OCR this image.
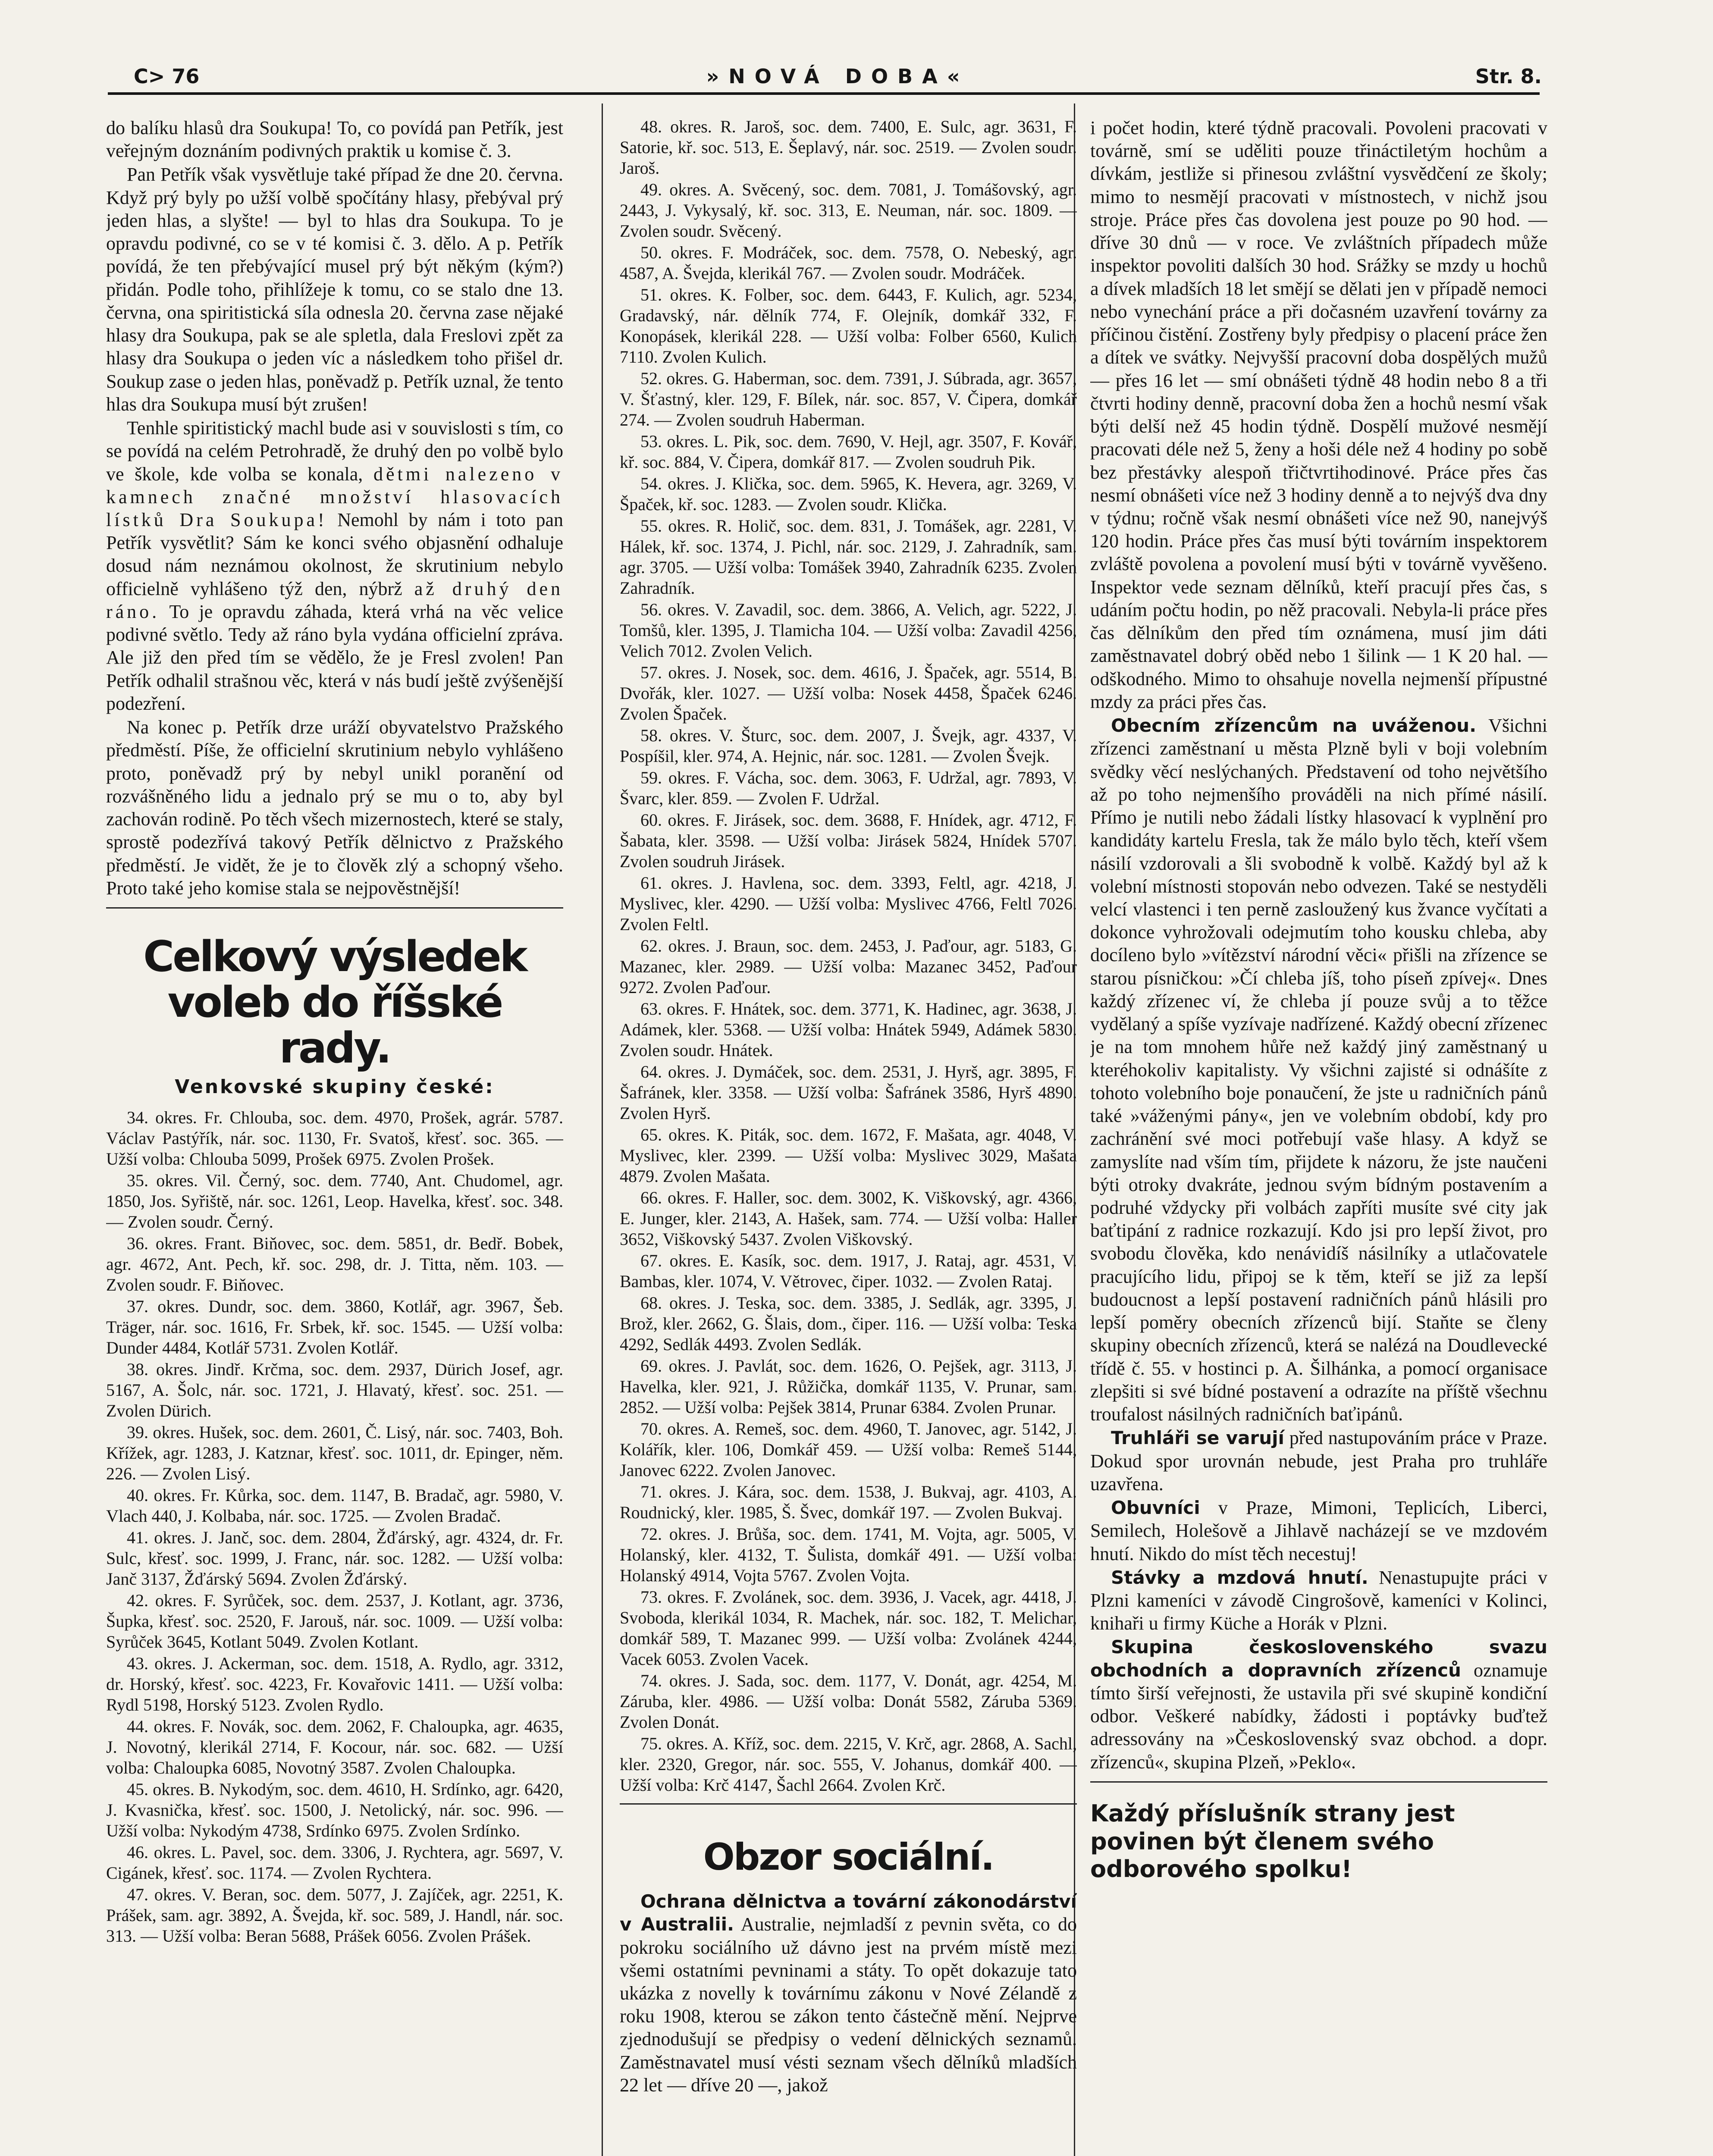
C> 76	»NOVÁ DOBA«	Str. 8.

do balíku hlasů dra Soukupa! To, co povídá pan Petřík, jest veřejným doznáním podivných praktik u komise č. 3.

Pan Petřík však vysvětluje také případ že dne 20. června. Když prý byly po užší volbě spočítány hlasy, přebýval prý jeden hlas, a slyšte! — byl to hlas dra Soukupa. To je opravdu podivné, co se v té komisi č. 3. dělo. A p. Petřík povídá, že ten přebývající musel prý být někým (kým?) přidán. Podle toho, přihlížeje k tomu, co se stalo dne 13. června, ona spiritistická síla odnesla 20. června zase nějaké hlasy dra Soukupa, pak se ale spletla, dala Freslovi zpět za hlasy dra Soukupa o jeden víc a následkem toho přišel dr. Soukup zase o jeden hlas, poněvadž p. Petřík uznal, že tento hlas dra Soukupa musí být zrušen!

Tenhle spiritistický machl bude asi v souvislosti s tím, co se povídá na celém Petrohradě, že druhý den po volbě bylo ve škole, kde volba se konala, dětmi nalezeno v kamnech značné množství hlasovacích lístků Dra Soukupa! Nemohl by nám i toto pan Petřík vysvětlit? Sám ke konci svého objasnění odhaluje dosud nám neznámou okolnost, že skrutinium nebylo officielně vyhlášeno týž den, nýbrž až druhý den ráno. To je opravdu záhada, která vrhá na věc velice podivné světlo. Tedy až ráno byla vydána officielní zpráva. Ale již den před tím se vědělo, že je Fresl zvolen! Pan Petřík odhalil strašnou věc, která v nás budí ještě zvýšenější podezření.

Na konec p. Petřík drze uráží obyvatelstvo Pražského předměstí. Píše, že officielní skrutinium nebylo vyhlášeno proto, poněvadž prý by nebyl unikl poranění od rozvášněného lidu a jednalo prý se mu o to, aby byl zachován rodině. Po těch všech mizernostech, které se staly, sprostě podezřívá takový Petřík dělnictvo z Pražského předměstí. Je vidět, že je to člověk zlý a schopný všeho. Proto také jeho komise stala se nejpověstnější!

Celkový výsledek voleb do říšské rady.
Venkovské skupiny české:

34. okres. Fr. Chlouba, soc. dem. 4970, Prošek, agrár. 5787. Václav Pastýřík, nár. soc. 1130, Fr. Svatoš, křesť. soc. 365. — Užší volba: Chlouba 5099, Prošek 6975. Zvolen Prošek.

35. okres. Vil. Černý, soc. dem. 7740, Ant. Chudomel, agr. 1850, Jos. Syřiště, nár. soc. 1261, Leop. Havelka, křesť. soc. 348. — Zvolen soudr. Černý.

36. okres. Frant. Biňovec, soc. dem. 5851, dr. Bedř. Bobek, agr. 4672, Ant. Pech, kř. soc. 298, dr. J. Titta, něm. 103. — Zvolen soudr. F. Biňovec.

37. okres. Dundr, soc. dem. 3860, Kotlář, agr. 3967, Šeb. Träger, nár. soc. 1616, Fr. Srbek, kř. soc. 1545. — Užší volba: Dunder 4484, Kotlář 5731. Zvolen Kotlář.

38. okres. Jindř. Krčma, soc. dem. 2937, Dürich Josef, agr. 5167, A. Šolc, nár. soc. 1721, J. Hlavatý, křesť. soc. 251. — Zvolen Dürich.

39. okres. Hušek, soc. dem. 2601, Č. Lisý, nár. soc. 7403, Boh. Křížek, agr. 1283, J. Katznar, křesť. soc. 1011, dr. Epinger, něm. 226. — Zvolen Lisý.

40. okres. Fr. Kůrka, soc. dem. 1147, B. Bradač, agr. 5980, V. Vlach 440, J. Kolbaba, nár. soc. 1725. — Zvolen Bradač.

41. okres. J. Janč, soc. dem. 2804, Žďárský, agr. 4324, dr. Fr. Sulc, křesť. soc. 1999, J. Franc, nár. soc. 1282. — Užší volba: Janč 3137, Žďárský 5694. Zvolen Žďárský.

42. okres. F. Syrůček, soc. dem. 2537, J. Kotlant, agr. 3736, Šupka, křesť. soc. 2520, F. Jarouš, nár. soc. 1009. — Užší volba: Syrůček 3645, Kotlant 5049. Zvolen Kotlant.

43. okres. J. Ackerman, soc. dem. 1518, A. Rydlo, agr. 3312, dr. Horský, křesť. soc. 4223, Fr. Kovařovic 1411. — Užší volba: Rydl 5198, Horský 5123. Zvolen Rydlo.

44. okres. F. Novák, soc. dem. 2062, F. Chaloupka, agr. 4635, J. Novotný, klerikál 2714, F. Kocour, nár. soc. 682. — Užší volba: Chaloupka 6085, Novotný 3587. Zvolen Chaloupka.

45. okres. B. Nykodým, soc. dem. 4610, H. Srdínko, agr. 6420, J. Kvasnička, křesť. soc. 1500, J. Netolický, nár. soc. 996. — Užší volba: Nykodým 4738, Srdínko 6975. Zvolen Srdínko.

46. okres. L. Pavel, soc. dem. 3306, J. Rychtera, agr. 5697, V. Cigánek, křesť. soc. 1174. — Zvolen Rychtera.

47. okres. V. Beran, soc. dem. 5077, J. Zajíček, agr. 2251, K. Prášek, sam. agr. 3892, A. Švejda, kř. soc. 589, J. Handl, nár. soc. 313. — Užší volba: Beran 5688, Prášek 6056. Zvolen Prášek.

48. okres. R. Jaroš, soc. dem. 7400, E. Sulc, agr. 3631, F. Satorie, kř. soc. 513, E. Šeplavý, nár. soc. 2519. — Zvolen soudr. Jaroš.

49. okres. A. Svěcený, soc. dem. 7081, J. Tomášovský, agr. 2443, J. Vykysalý, kř. soc. 313, E. Neuman, nár. soc. 1809. — Zvolen soudr. Svěcený.

50. okres. F. Modráček, soc. dem. 7578, O. Nebeský, agr. 4587, A. Švejda, klerikál 767. — Zvolen soudr. Modráček.

51. okres. K. Folber, soc. dem. 6443, F. Kulich, agr. 5234, Gradavský, nár. dělník 774, F. Olejník, domkář 332, F. Konopásek, klerikál 228. — Užší volba: Folber 6560, Kulich 7110. Zvolen Kulich.

52. okres. G. Haberman, soc. dem. 7391, J. Súbrada, agr. 3657, V. Šťastný, kler. 129, F. Bílek, nár. soc. 857, V. Čipera, domkář 274. — Zvolen soudruh Haberman.

53. okres. L. Pik, soc. dem. 7690, V. Hejl, agr. 3507, F. Kovář, kř. soc. 884, V. Čipera, domkář 817. — Zvolen soudruh Pik.

54. okres. J. Klička, soc. dem. 5965, K. Hevera, agr. 3269, V. Špaček, kř. soc. 1283. — Zvolen soudr. Klička.

55. okres. R. Holič, soc. dem. 831, J. Tomášek, agr. 2281, V. Hálek, kř. soc. 1374, J. Pichl, nár. soc. 2129, J. Zahradník, sam. agr. 3705. — Užší volba: Tomášek 3940, Zahradník 6235. Zvolen Zahradník.

56. okres. V. Zavadil, soc. dem. 3866, A. Velich, agr. 5222, J. Tomšů, kler. 1395, J. Tlamicha 104. — Užší volba: Zavadil 4256, Velich 7012. Zvolen Velich.

57. okres. J. Nosek, soc. dem. 4616, J. Špaček, agr. 5514, B. Dvořák, kler. 1027. — Užší volba: Nosek 4458, Špaček 6246. Zvolen Špaček.

58. okres. V. Šturc, soc. dem. 2007, J. Švejk, agr. 4337, V. Pospíšil, kler. 974, A. Hejnic, nár. soc. 1281. — Zvolen Švejk.

59. okres. F. Vácha, soc. dem. 3063, F. Udržal, agr. 7893, V. Švarc, kler. 859. — Zvolen F. Udržal.

60. okres. F. Jirásek, soc. dem. 3688, F. Hnídek, agr. 4712, F. Šabata, kler. 3598. — Užší volba: Jirásek 5824, Hnídek 5707. Zvolen soudruh Jirásek.

61. okres. J. Havlena, soc. dem. 3393, Feltl, agr. 4218, J. Myslivec, kler. 4290. — Užší volba: Myslivec 4766, Feltl 7026. Zvolen Feltl.

62. okres. J. Braun, soc. dem. 2453, J. Paďour, agr. 5183, G. Mazanec, kler. 2989. — Užší volba: Mazanec 3452, Paďour 9272. Zvolen Paďour.

63. okres. F. Hnátek, soc. dem. 3771, K. Hadinec, agr. 3638, J. Adámek, kler. 5368. — Užší volba: Hnátek 5949, Adámek 5830. Zvolen soudr. Hnátek.

64. okres. J. Dymáček, soc. dem. 2531, J. Hyrš, agr. 3895, F. Šafránek, kler. 3358. — Užší volba: Šafránek 3586, Hyrš 4890. Zvolen Hyrš.

65. okres. K. Piták, soc. dem. 1672, F. Mašata, agr. 4048, V. Myslivec, kler. 2399. — Užší volba: Myslivec 3029, Mašata 4879. Zvolen Mašata.

66. okres. F. Haller, soc. dem. 3002, K. Viškovský, agr. 4366, E. Junger, kler. 2143, A. Hašek, sam. 774. — Užší volba: Haller 3652, Viškovský 5437. Zvolen Viškovský.

67. okres. E. Kasík, soc. dem. 1917, J. Rataj, agr. 4531, V. Bambas, kler. 1074, V. Větrovec, čiper. 1032. — Zvolen Rataj.

68. okres. J. Teska, soc. dem. 3385, J. Sedlák, agr. 3395, J. Brož, kler. 2662, G. Šlais, dom., čiper. 116. — Užší volba: Teska 4292, Sedlák 4493. Zvolen Sedlák.

69. okres. J. Pavlát, soc. dem. 1626, O. Pejšek, agr. 3113, J. Havelka, kler. 921, J. Růžička, domkář 1135, V. Prunar, sam. 2852. — Užší volba: Pejšek 3814, Prunar 6384. Zvolen Prunar.

70. okres. A. Remeš, soc. dem. 4960, T. Janovec, agr. 5142, J. Kolářík, kler. 106, Domkář 459. — Užší volba: Remeš 5144, Janovec 6222. Zvolen Janovec.

71. okres. J. Kára, soc. dem. 1538, J. Bukvaj, agr. 4103, A. Roudnický, kler. 1985, Š. Švec, domkář 197. — Zvolen Bukvaj.

72. okres. J. Brůša, soc. dem. 1741, M. Vojta, agr. 5005, V. Holanský, kler. 4132, T. Šulista, domkář 491. — Užší volba: Holanský 4914, Vojta 5767. Zvolen Vojta.

73. okres. F. Zvolánek, soc. dem. 3936, J. Vacek, agr. 4418, J. Svoboda, klerikál 1034, R. Machek, nár. soc. 182, T. Melichar, domkář 589, T. Mazanec 999. — Užší volba: Zvolánek 4244, Vacek 6053. Zvolen Vacek.

74. okres. J. Sada, soc. dem. 1177, V. Donát, agr. 4254, M. Záruba, kler. 4986. — Užší volba: Donát 5582, Záruba 5369. Zvolen Donát.

75. okres. A. Kříž, soc. dem. 2215, V. Krč, agr. 2868, A. Sachl, kler. 2320, Gregor, nár. soc. 555, V. Johanus, domkář 400. — Užší volba: Krč 4147, Šachl 2664. Zvolen Krč.

Obzor sociální.

Ochrana dělnictva a tovární zákonodárství v Australii. Australie, nejmladší z pevnin světa, co do pokroku sociálního už dávno jest na prvém místě mezi všemi ostatními pevninami a státy. To opět dokazuje tato ukázka z novelly k továrnímu zákonu v Nové Zélandě z roku 1908, kterou se zákon tento částečně mění. Nejprve zjednodušují se předpisy o vedení dělnických seznamů. Zaměstnavatel musí vésti seznam všech dělníků mladších 22 let — dříve 20 —, jakož

i počet hodin, které týdně pracovali. Povoleni pracovati v továrně, smí se uděliti pouze třináctiletým hochům a dívkám, jestliže si přinesou zvláštní vysvědčení ze školy; mimo to nesmějí pracovati v místnostech, v nichž jsou stroje. Práce přes čas dovolena jest pouze po 90 hod. — dříve 30 dnů — v roce. Ve zvláštních případech může inspektor povoliti dalších 30 hod. Srážky se mzdy u hochů a dívek mladších 18 let smějí se dělati jen v případě nemoci nebo vynechání práce a při dočasném uzavření továrny za příčinou čistění. Zostřeny byly předpisy o placení práce žen a dítek ve svátky. Nejvyšší pracovní doba dospělých mužů — přes 16 let — smí obnášeti týdně 48 hodin nebo 8 a tři čtvrti hodiny denně, pracovní doba žen a hochů nesmí však býti delší než 45 hodin týdně. Dospělí mužové nesmějí pracovati déle než 5, ženy a hoši déle než 4 hodiny po sobě bez přestávky alespoň třičtvrtihodinové. Práce přes čas nesmí obnášeti více než 3 hodiny denně a to nejvýš dva dny v týdnu; ročně však nesmí obnášeti více než 90, nanejvýš 120 hodin. Práce přes čas musí býti továrním inspektorem zvláště povolena a povolení musí býti v továrně vyvěšeno. Inspektor vede seznam dělníků, kteří pracují přes čas, s udáním počtu hodin, po něž pracovali. Nebyla-li práce přes čas dělníkům den před tím oznámena, musí jim dáti zaměstnavatel dobrý oběd nebo 1 šilink — 1 K 20 hal. — odškodného. Mimo to ohsahuje novella nejmenší přípustné mzdy za práci přes čas.

Obecním zřízencům na uváženou. Všichni zřízenci zaměstnaní u města Plzně byli v boji volebním svědky věcí neslýchaných. Představení od toho největšího až po toho nejmenšího prováděli na nich přímé násilí. Přímo je nutili nebo žádali lístky hlasovací k vyplnění pro kandidáty kartelu Fresla, tak že málo bylo těch, kteří všem násilí vzdorovali a šli svobodně k volbě. Každý byl až k volební místnosti stopován nebo odvezen. Také se nestyděli velcí vlastenci i ten perně zasloužený kus žvance vyčítati a dokonce vyhrožovali odejmutím toho kousku chleba, aby docíleno bylo »vítězství národní věci« přišli na zřízence se starou písničkou: »Čí chleba jíš, toho píseň zpívej«. Dnes každý zřízenec ví, že chleba jí pouze svůj a to těžce vydělaný a spíše vyzívaje nadřízené. Každý obecní zřízenec je na tom mnohem hůře než každý jiný zaměstnaný u kteréhokoliv kapitalisty. Vy všichni zajisté si odnášíte z tohoto volebního boje ponaučení, že jste u radničních pánů také »váženými pány«, jen ve volebním období, kdy pro zachránění své moci potřebují vaše hlasy. A když se zamyslíte nad vším tím, přijdete k názoru, že jste naučeni býti otroky dvakráte, jednou svým bídným postavením a podruhé vždycky při volbách zapříti musíte své city jak baťtipání z radnice rozkazují. Kdo jsi pro lepší život, pro svobodu člověka, kdo nenávidíš násilníky a utlačovatele pracujícího lidu, připoj se k těm, kteří se již za lepší budoucnost a lepší postavení radničních pánů hlásili pro lepší poměry obecních zřízenců bijí. Staňte se členy skupiny obecních zřízenců, která se nalézá na Doudlevecké třídě č. 55. v hostinci p. A. Šilhánka, a pomocí organisace zlepšiti si své bídné postavení a odrazíte na příště všechnu troufalost násilných radničních baťipánů.

Truhláři se varují před nastupováním práce v Praze. Dokud spor urovnán nebude, jest Praha pro truhláře uzavřena.

Obuvníci v Praze, Mimoni, Teplicích, Liberci, Semilech, Holešově a Jihlavě nacházejí se ve mzdovém hnutí. Nikdo do míst těch necestuj!

Stávky a mzdová hnutí. Nenastupujte práci v Plzni kameníci v závodě Cingrošově, kameníci v Kolinci, knihaři u firmy Küche a Horák v Plzni.

Skupina československého svazu obchodních a dopravních zřízenců oznamuje tímto širší veřejnosti, že ustavila při své skupině kondiční odbor. Veškeré nabídky, žádosti i poptávky buďtež adressovány na »Československý svaz obchod. a dopr. zřízenců«, skupina Plzeň, »Peklo«.

Každý příslušník strany jest povinen být členem svého odborového spolku!
